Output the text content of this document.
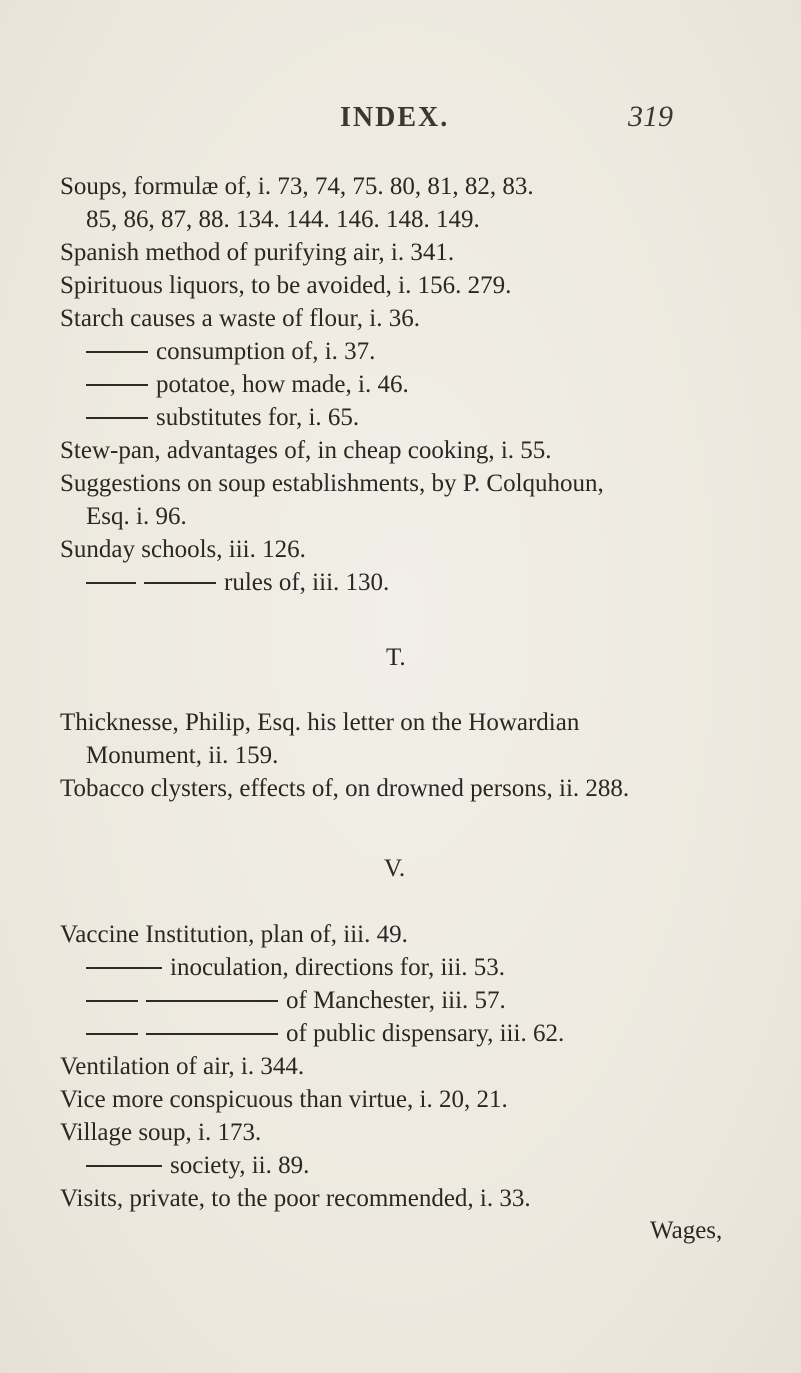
INDEX.	319
Soups, formulæ of, i. 73, 74, 75. 80, 81, 82, 83.
85, 86, 87, 88. 134. 144. 146. 148. 149.
Spanish method of purifying air, i. 341.
Spirituous liquors, to be avoided, i. 156. 279.
Starch causes a waste of flour, i. 36.
consumption of, i. 37.
potatoe, how made, i. 46.
substitutes for, i. 65.
Stew-pan, advantages of, in cheap cooking, i. 55.
Suggestions on soup establishments, by P. Colquhoun,
Esq. i. 96.
Sunday schools, iii. 126.
rules of, iii. 130.
T.
Thicknesse, Philip, Esq. his letter on the Howardian
Monument, ii. 159.
Tobacco clysters, effects of, on drowned persons, ii. 288.
V.
Vaccine Institution, plan of, iii. 49.
inoculation, directions for, iii. 53.
of Manchester, iii. 57.
of public dispensary, iii. 62.
Ventilation of air, i. 344.
Vice more conspicuous than virtue, i. 20, 21.
Village soup, i. 173.
society, ii. 89.
Visits, private, to the poor recommended, i. 33.
Wages,
